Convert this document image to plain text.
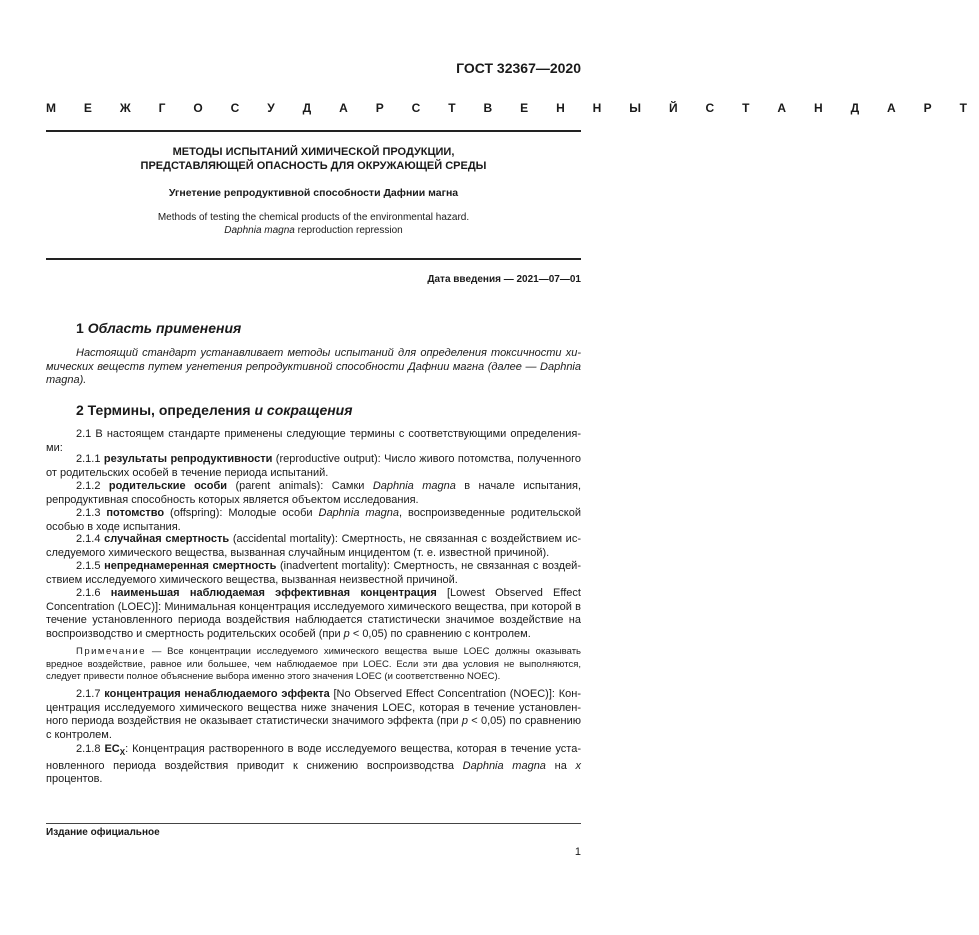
ГОСТ 32367—2020
М Е Ж Г О С У Д А Р С Т В Е Н Н Ы Й С Т А Н Д А Р Т
МЕТОДЫ ИСПЫТАНИЙ ХИМИЧЕСКОЙ ПРОДУКЦИИ,
ПРЕДСТАВЛЯЮЩЕЙ ОПАСНОСТЬ ДЛЯ ОКРУЖАЮЩЕЙ СРЕДЫ
Угнетение репродуктивной способности Дафнии магна
Methods of testing the chemical products of the environmental hazard.
Daphnia magna reproduction repression
Дата введения — 2021—07—01
1 Область применения
Настоящий стандарт устанавливает методы испытаний для определения токсичности химических веществ путем угнетения репродуктивной способности Дафнии магна (далее — Daphnia magna).
2 Термины, определения и сокращения
2.1 В настоящем стандарте применены следующие термины с соответствующими определениями:
2.1.1 результаты репродуктивности (reproductive output): Число живого потомства, полученного от родительских особей в течение периода испытаний.
2.1.2 родительские особи (parent animals): Самки Daphnia magna в начале испытания, репродуктивная способность которых является объектом исследования.
2.1.3 потомство (offspring): Молодые особи Daphnia magna, воспроизведенные родительской особью в ходе испытания.
2.1.4 случайная смертность (accidental mortality): Смертность, не связанная с воздействием исследуемого химического вещества, вызванная случайным инцидентом (т. е. известной причиной).
2.1.5 непреднамеренная смертность (inadvertent mortality): Смертность, не связанная с воздействием исследуемого химического вещества, вызванная неизвестной причиной.
2.1.6 наименьшая наблюдаемая эффективная концентрация [Lowest Observed Effect Concentration (LOEC)]: Минимальная концентрация исследуемого химического вещества, при которой в течение установленного периода воздействия наблюдается статистически значимое воздействие на воспроизводство и смертность родительских особей (при p < 0,05) по сравнению с контролем.
Примечание — Все концентрации исследуемого химического вещества выше LOEC должны оказывать вредное воздействие, равное или большее, чем наблюдаемое при LOEC. Если эти два условия не выполняются, следует привести полное объяснение выбора именно этого значения LOEC (и соответственно NOEC).
2.1.7 концентрация ненаблюдаемого эффекта [No Observed Effect Concentration (NOEC)]: Концентрация исследуемого химического вещества ниже значения LOEC, которая в течение установленного периода воздействия не оказывает статистически значимого эффекта (при p < 0,05) по сравнению с контролем.
2.1.8 $EC_X$: Концентрация растворенного в воде исследуемого вещества, которая в течение установленного периода воздействия приводит к снижению воспроизводства Daphnia magna на x процентов.
Издание официальное
1
